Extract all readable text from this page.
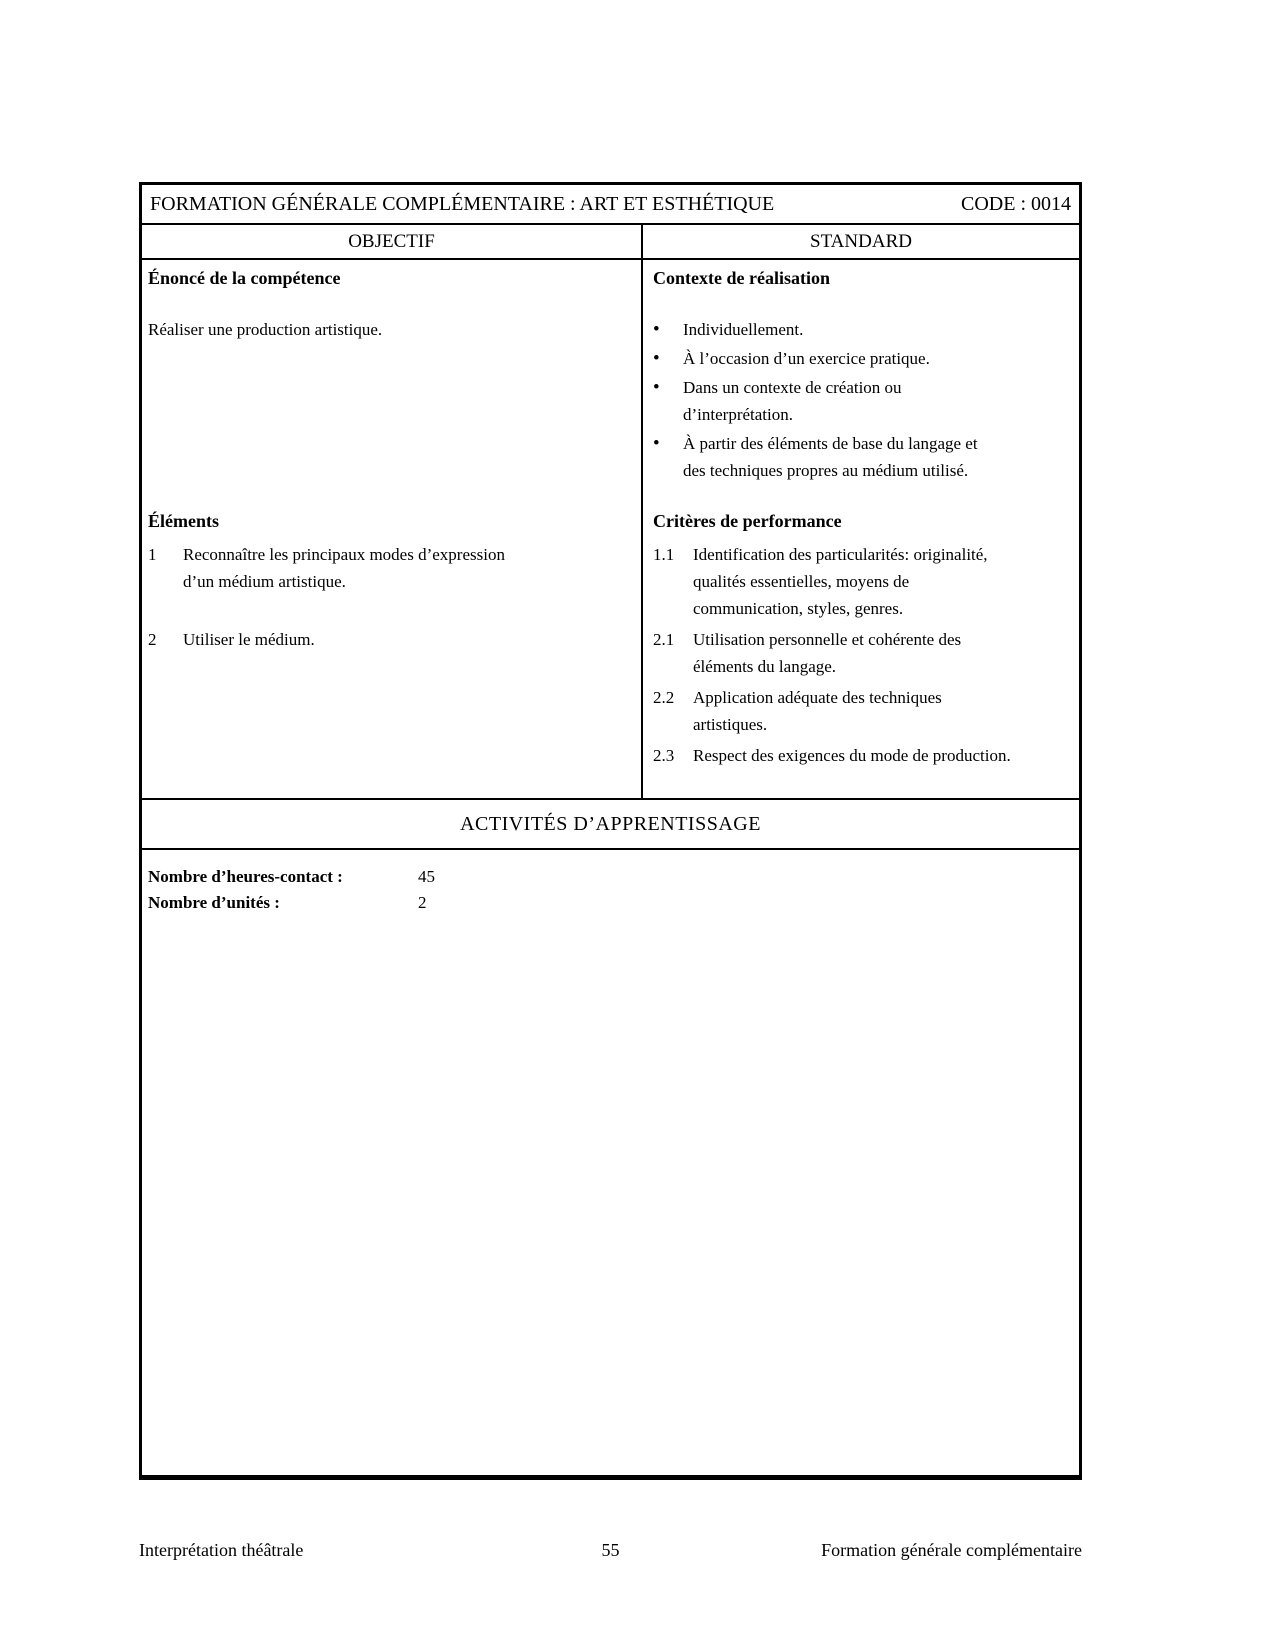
FORMATION GÉNÉRALE COMPLÉMENTAIRE : ART ET ESTHÉTIQUE	CODE : 0014
OBJECTIF	STANDARD
Énoncé de la compétence
Réaliser une production artistique.
Éléments
1	Reconnaître les principaux modes d’expression
d’un médium artistique.
2	Utiliser le médium.
Contexte de réalisation
•
Individuellement.
•
À l’occasion d’un exercice pratique.
•
Dans un contexte de création ou
d’interprétation.
•
À partir des éléments de base du langage et
des techniques propres au médium utilisé.
Critères de performance
1.1	Identification des particularités: originalité,
qualités essentielles, moyens de
communication, styles, genres.
2.1	Utilisation personnelle et cohérente des
éléments du langage.
2.2	Application adéquate des techniques
artistiques.
2.3	Respect des exigences du mode de production.
ACTIVITÉS D’APPRENTISSAGE
Nombre d’heures-contact :	45
Nombre d’unités :	2
55
Interprétation théâtrale	Formation générale complémentaire
